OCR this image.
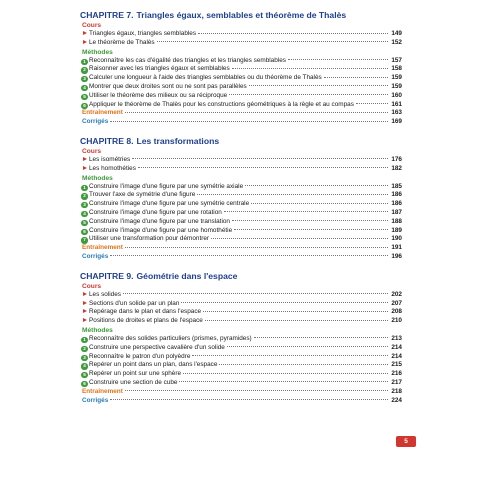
CHAPITRE 7. Triangles égaux, semblables et théorème de Thalès
Cours
Triangles égaux, triangles semblables	149
Le théorème de Thalès	152
Méthodes
1 Reconnaître les cas d'égalité des triangles et les triangles semblables	157
2 Raisonner avec les triangles égaux et semblables	158
3 Calculer une longueur à l'aide des triangles semblables ou du théorème de Thalès	159
4 Montrer que deux droites sont ou ne sont pas parallèles	159
5 Utiliser le théorème des milieux ou sa réciproque	160
6 Appliquer le théorème de Thalès pour les constructions géométriques à la règle et au compas	161
Entraînement	163
Corrigés	169
CHAPITRE 8. Les transformations
Cours
Les isométries	176
Les homothéties	182
Méthodes
1 Construire l'image d'une figure par une symétrie axiale	185
2 Trouver l'axe de symétrie d'une figure	186
3 Construire l'image d'une figure par une symétrie centrale	186
4 Construire l'image d'une figure par une rotation	187
5 Construire l'image d'une figure par une translation	188
6 Construire l'image d'une figure par une homothétie	189
7 Utiliser une transformation pour démontrer	190
Entraînement	191
Corrigés	196
CHAPITRE 9. Géométrie dans l'espace
Cours
Les solides	202
Sections d'un solide par un plan	207
Repérage dans le plan et dans l'espace	208
Positions de droites et plans de l'espace	210
Méthodes
1 Reconnaître des solides particuliers (prismes, pyramides)	213
2 Construire une perspective cavalière d'un solide	214
3 Reconnaître le patron d'un polyèdre	214
4 Repérer un point dans un plan, dans l'espace	215
5 Repérer un point sur une sphère	216
6 Construire une section de cube	217
Entraînement	218
Corrigés	224
5
